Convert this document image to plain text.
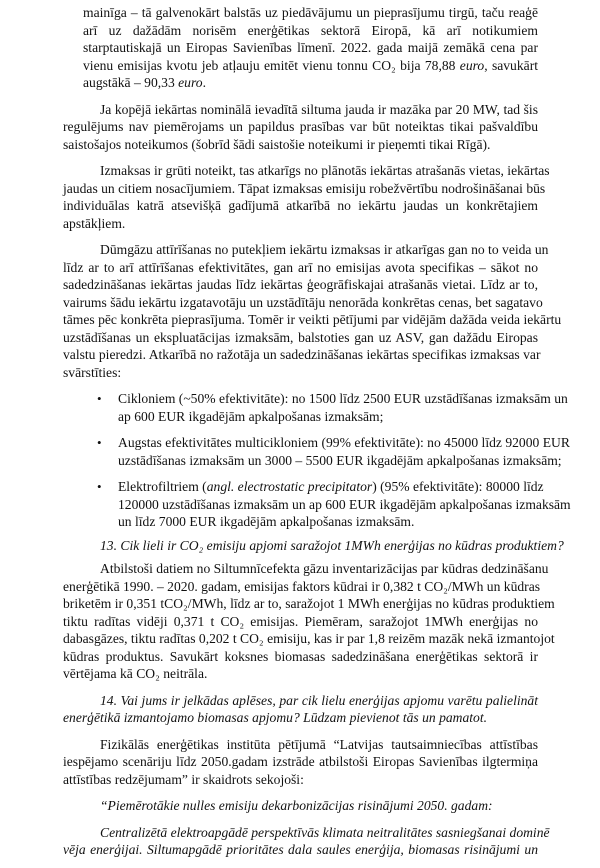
mainīga – tā galvenokārt balstās uz piedāvājumu un pieprasījumu tirgū, taču reaģē
arī uz dažādām norisēm enerģētikas sektorā Eiropā, kā arī notikumiem
starptautiskajā un Eiropas Savienības līmenī. 2022. gada maijā zemākā cena par
vienu emisijas kvotu jeb atļauju emitēt vienu tonnu CO₂ bija 78,88 euro, savukārt
augstākā – 90,33 euro.
Ja kopējā iekārtas nominālā ievadītā siltuma jauda ir mazāka par 20 MW, tad šis
regulējums nav piemērojams un papildus prasības var būt noteiktas tikai pašvaldību
saistošajos noteikumos (šobrīd šādi saistošie noteikumi ir pieņemti tikai Rīgā).
Izmaksas ir grūti noteikt, tas atkarīgs no plānotās iekārtas atrašanās vietas, iekārtas
jaudas un citiem nosacījumiem. Tāpat izmaksas emisiju robežvērtību nodrošināšanai būs
individuālas katrā atsevišķā gadījumā atkarībā no iekārtu jaudas un konkrētajiem
apstākļiem.
Dūmgāzu attīrīšanas no putekļiem iekārtu izmaksas ir atkarīgas gan no to veida un
līdz ar to arī attīrīšanas efektivitātes, gan arī no emisijas avota specifikas – sākot no
sadedzināšanas iekārtas jaudas līdz iekārtas ģeogrāfiskajai atrašanās vietai. Līdz ar to,
vairums šādu iekārtu izgatavotāju un uzstādītāju nenorāda konkrētas cenas, bet sagatavo
tāmes pēc konkrēta pieprasījuma. Tomēr ir veikti pētījumi par vidējām dažāda veida iekārtu
uzstādīšanas un ekspluatācijas izmaksām, balstoties gan uz ASV, gan dažādu Eiropas
valstu pieredzi. Atkarībā no ražotāja un sadedzināšanas iekārtas specifikas izmaksas var
svārstīties:
• Cikloniem (~50% efektivitāte): no 1500 līdz 2500 EUR uzstādīšanas izmaksām un
ap 600 EUR ikgadējām apkalpošanas izmaksām;
• Augstas efektivitātes multicikloniem (99% efektivitāte): no 45000 līdz 92000 EUR
uzstādīšanas izmaksām un 3000 – 5500 EUR ikgadējām apkalpošanas izmaksām;
• Elektrofiltriem (angl. electrostatic precipitator) (95% efektivitāte): 80000 līdz
120000 uzstādīšanas izmaksām un ap 600 EUR ikgadējām apkalpošanas izmaksām
un līdz 7000 EUR ikgadējām apkalpošanas izmaksām.
13. Cik lieli ir CO₂ emisiju apjomi saražojot 1MWh enerģijas no kūdras produktiem?
Atbilstoši datiem no Siltumnīcefekta gāzu inventarizācijas par kūdras dedzināšanu
enerģētikā 1990. – 2020. gadam, emisijas faktors kūdrai ir 0,382 t CO₂/MWh un kūdras
briketēm ir 0,351 tCO₂/MWh, līdz ar to, saražojot 1 MWh enerģijas no kūdras produktiem
tiktu radītas vidēji 0,371 t CO₂ emisijas. Piemēram, saražojot 1MWh enerģijas no
dabasgāzes, tiktu radītas 0,202 t CO₂ emisiju, kas ir par 1,8 reizēm mazāk nekā izmantojot
kūdras produktus. Savukārt koksnes biomasas sadedzināšana enerģētikas sektorā ir
vērtējama kā CO₂ neitrāla.
14. Vai jums ir jelkādas aplēses, par cik lielu enerģijas apjomu varētu palielināt
enerģētikā izmantojamo biomasas apjomu? Lūdzam pievienot tās un pamatot.
Fizikālās enerģētikas institūta pētījumā “Latvijas tautsaimniecības attīstības
iespējamo scenāriju līdz 2050.gadam izstrāde atbilstoši Eiropas Savienības ilgtermiņa
attīstības redzējumam” ir skaidrots sekojoši:
“Piemērotākie nulles emisiju dekarbonizācijas risinājumi 2050. gadam:
Centralizētā elektroapgādē perspektīvās klimata neitralitātes sasniegšanai dominē
vēja enerģijai. Siltumapgādē prioritātes dala saules enerģija, biomasas risinājumi un
